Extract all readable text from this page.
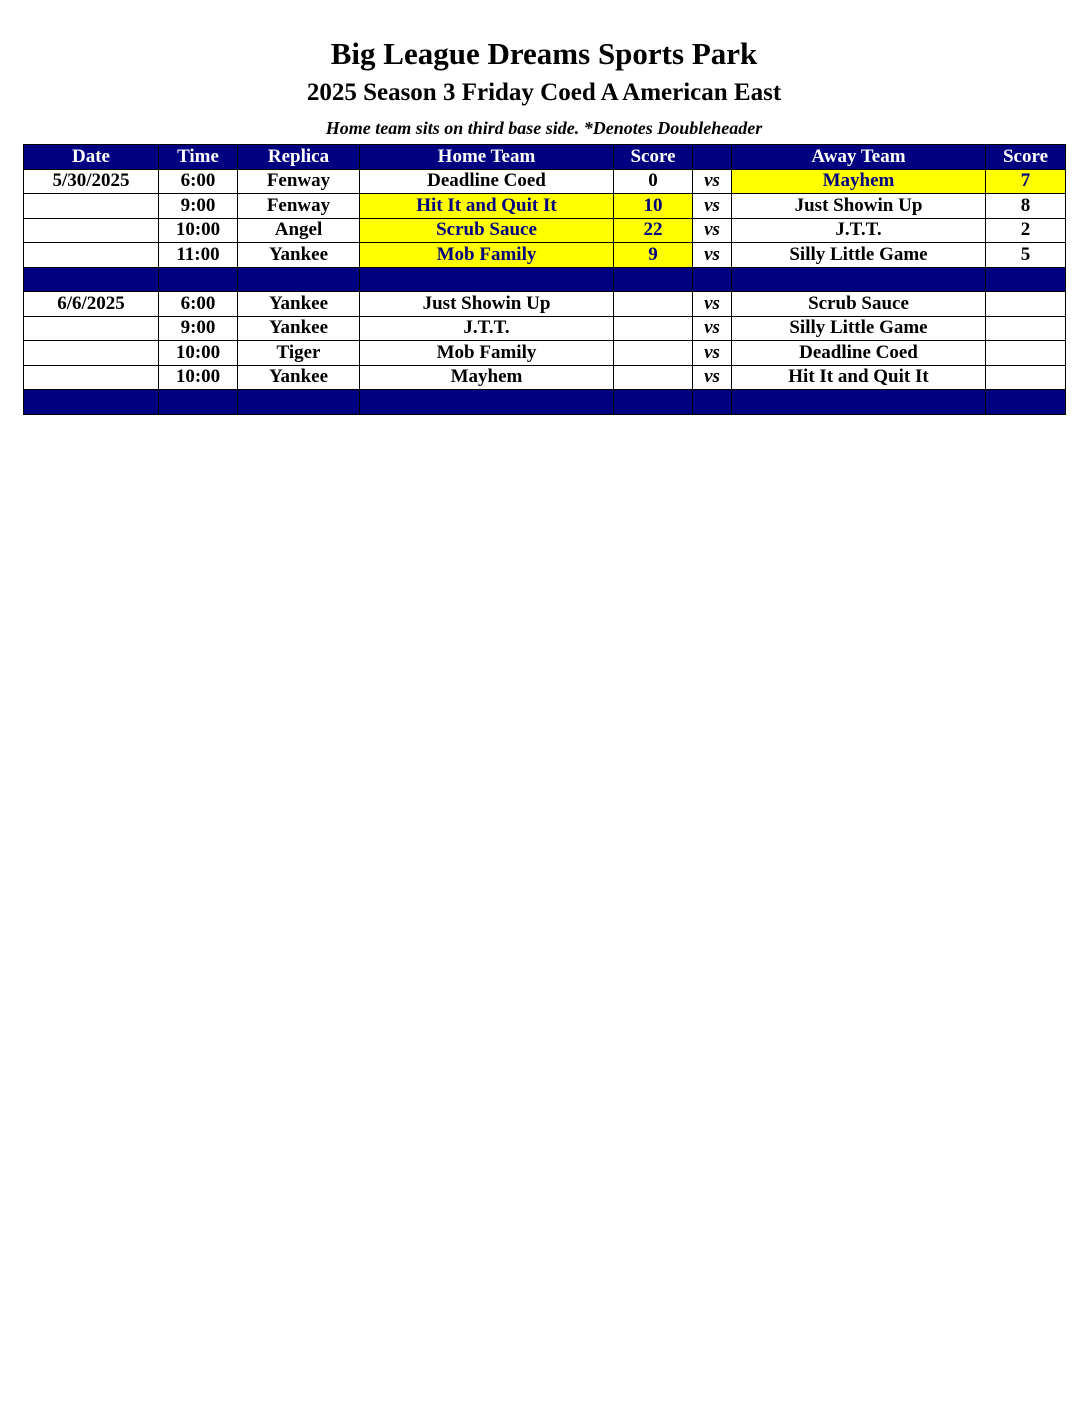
Big League Dreams Sports Park
2025 Season 3 Friday Coed A American East
Home team sits on third base side. *Denotes Doubleheader
Date	Time	Replica	Home Team	Score		Away Team	Score
5/30/2025	6:00	Fenway	Deadline Coed	0	vs	Mayhem	7
	9:00	Fenway	Hit It and Quit It	10	vs	Just Showin Up	8
	10:00	Angel	Scrub Sauce	22	vs	J.T.T.	2
	11:00	Yankee	Mob Family	9	vs	Silly Little Game	5

6/6/2025	6:00	Yankee	Just Showin Up		vs	Scrub Sauce	
	9:00	Yankee	J.T.T.		vs	Silly Little Game	
	10:00	Tiger	Mob Family		vs	Deadline Coed	
	10:00	Yankee	Mayhem		vs	Hit It and Quit It	
